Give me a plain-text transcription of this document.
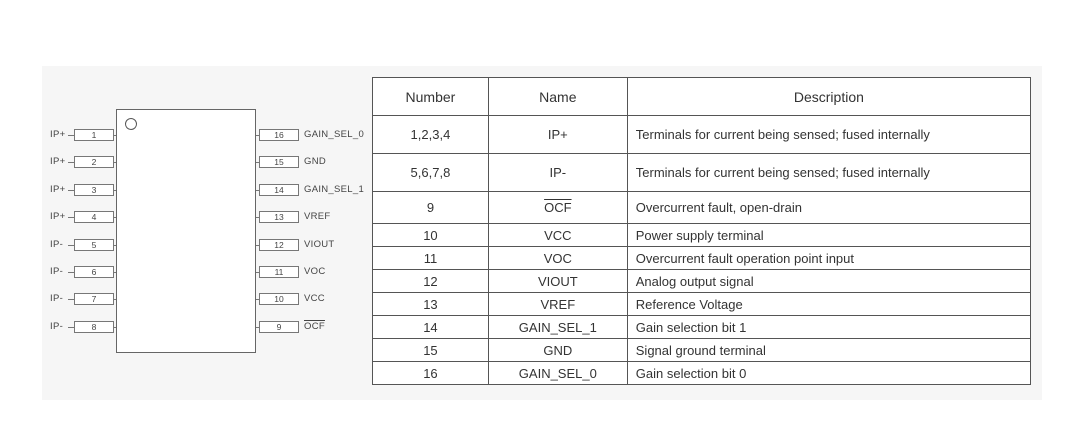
IP+	1
IP+	2
IP+	3
IP+	4
IP-	5
IP-	6
IP-	7
IP-	8
16	GAIN_SEL_0
15	GND
14	GAIN_SEL_1
13	VREF
12	VIOUT
11	VOC
10	VCC
9	$\overline{OCF}$
Number	Name	Description
1,2,3,4	IP+	Terminals for current being sensed; fused internally
5,6,7,8	IP-	Terminals for current being sensed; fused internally
9	$\overline{OCF}$	Overcurrent fault, open-drain
10	VCC	Power supply terminal
11	VOC	Overcurrent fault operation point input
12	VIOUT	Analog output signal
13	VREF	Reference Voltage
14	GAIN_SEL_1	Gain selection bit 1
15	GND	Signal ground terminal
16	GAIN_SEL_0	Gain selection bit 0
